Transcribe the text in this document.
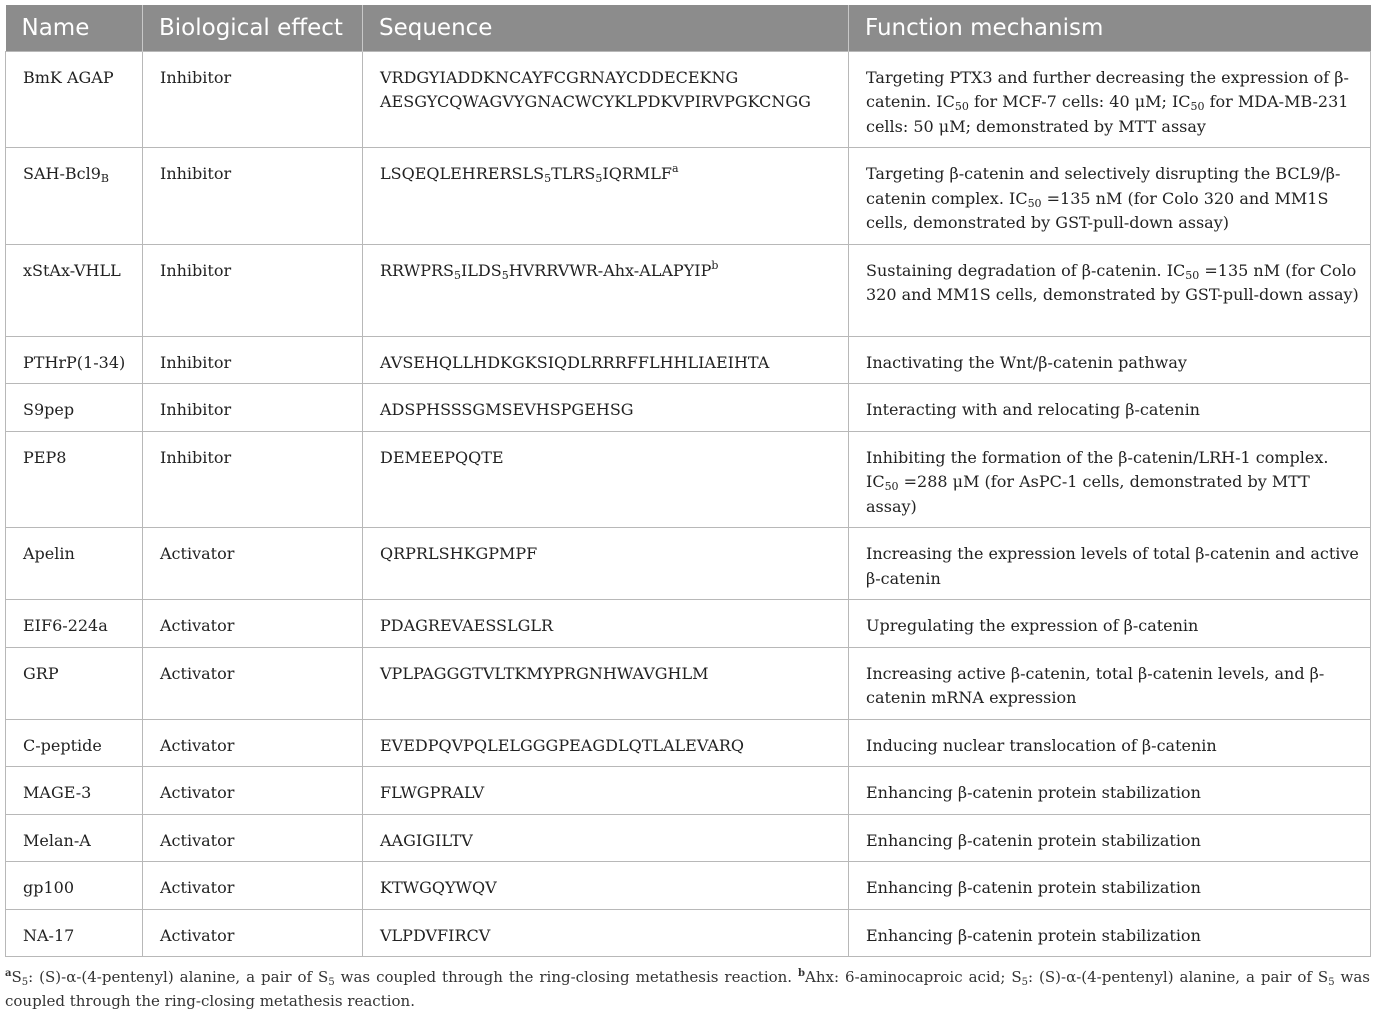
Name	Biological effect	Sequence	Function mechanism
BmK AGAP	Inhibitor	VRDGYIADDKNCAYFCGRNAYCDDECEKNG AESGYCQWAGVYGNACWCYKLPDKVPIRVPGKCNGG	Targeting PTX3 and further decreasing the expression of β-catenin. $IC_{50}$ for MCF-7 cells: 40 μM; $IC_{50}$ for MDA-MB-231 cells: 50 μM; demonstrated by MTT assay
SAH-$Bcl9_B$	Inhibitor	$LSQEQLEHRERSLS_5TLRS_5IQRMLF^a$	Targeting β-catenin and selectively disrupting the BCL9/β-catenin complex. $IC_{50} =135$ nM (for Colo 320 and MM1S cells, demonstrated by GST-pull-down assay)
xStAx-VHLL	Inhibitor	$RRWPRS_5ILDS_5HVRRVWR-Ahx-ALAPYIP^b$	Sustaining degradation of β-catenin. $IC_{50} =135$ nM (for Colo 320 and MM1S cells, demonstrated by GST-pull-down assay)
PTHrP(1-34)	Inhibitor	AVSEHQLLHDKGKSIQDLRRRFFLHHLIAEIHTA	Inactivating the Wnt/β-catenin pathway
S9pep	Inhibitor	ADSPHSSSGMSEVHSPGEHSG	Interacting with and relocating β-catenin
PEP8	Inhibitor	DEMEEPQQTE	Inhibiting the formation of the β-catenin/LRH-1 complex. $IC_{50} =288$ μM (for AsPC-1 cells, demonstrated by MTT assay)
Apelin	Activator	QRPRLSHKGPMPF	Increasing the expression levels of total β-catenin and active β-catenin
EIF6-224a	Activator	PDAGREVAESSLGLR	Upregulating the expression of β-catenin
GRP	Activator	VPLPAGGGTVLTKMYPRGNHWAVGHLM	Increasing active β-catenin, total β-catenin levels, and β-catenin mRNA expression
C-peptide	Activator	EVEDPQVPQLELGGGPEAGDLQTLALEVARQ	Inducing nuclear translocation of β-catenin
MAGE-3	Activator	FLWGPRALV	Enhancing β-catenin protein stabilization
Melan-A	Activator	AAGIGILTV	Enhancing β-catenin protein stabilization
gp100	Activator	KTWGQYWQV	Enhancing β-catenin protein stabilization
NA-17	Activator	VLPDVFIRCV	Enhancing β-catenin protein stabilization
$^aS_5$: (S)-α-(4-pentenyl) alanine, a pair of $S_5$ was coupled through the ring-closing metathesis reaction. $^b$Ahx: 6-aminocaproic acid; $S_5$: (S)-α-(4-pentenyl) alanine, a pair of $S_5$ was coupled through the ring-closing metathesis reaction.
